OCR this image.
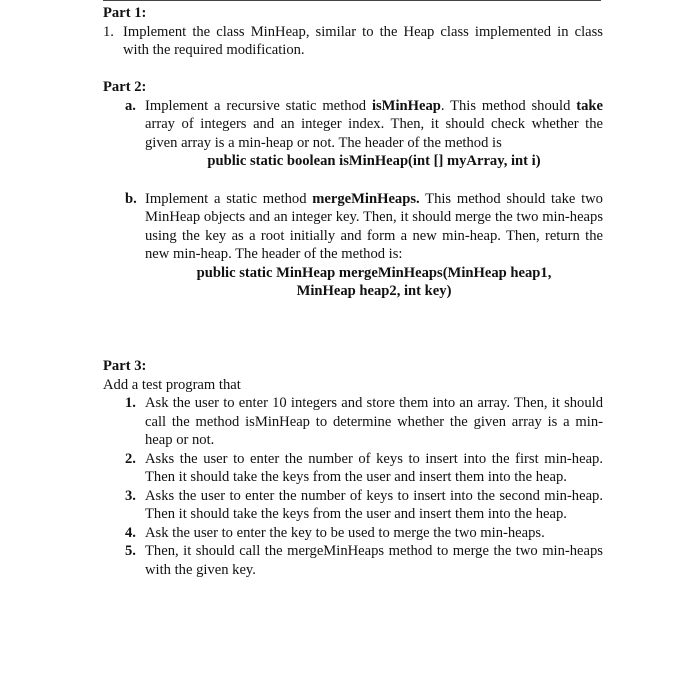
Part 1:

1. Implement the class MinHeap, similar to the Heap class implemented in class with the required modification.

Part 2:

a. Implement a recursive static method isMinHeap. This method should take array of integers and an integer index. Then, it should check whether the given array is a min-heap or not. The header of the method is
public static boolean isMinHeap(int [] myArray, int i)
b. Implement a static method mergeMinHeaps. This method should take two MinHeap objects and an integer key. Then, it should merge the two min-heaps using the key as a root initially and form a new min-heap. Then, return the new min-heap. The header of the method is:
public static MinHeap mergeMinHeaps(MinHeap heap1,
MinHeap heap2, int key)

Part 3:

Add a test program that

1. Ask the user to enter 10 integers and store them into an array. Then, it should call the method isMinHeap to determine whether the given array is a min-heap or not.
2. Asks the user to enter the number of keys to insert into the first min-heap. Then it should take the keys from the user and insert them into the heap.
3. Asks the user to enter the number of keys to insert into the second min-heap. Then it should take the keys from the user and insert them into the heap.
4. Ask the user to enter the key to be used to merge the two min-heaps.
5. Then, it should call the mergeMinHeaps method to merge the two min-heaps with the given key.
